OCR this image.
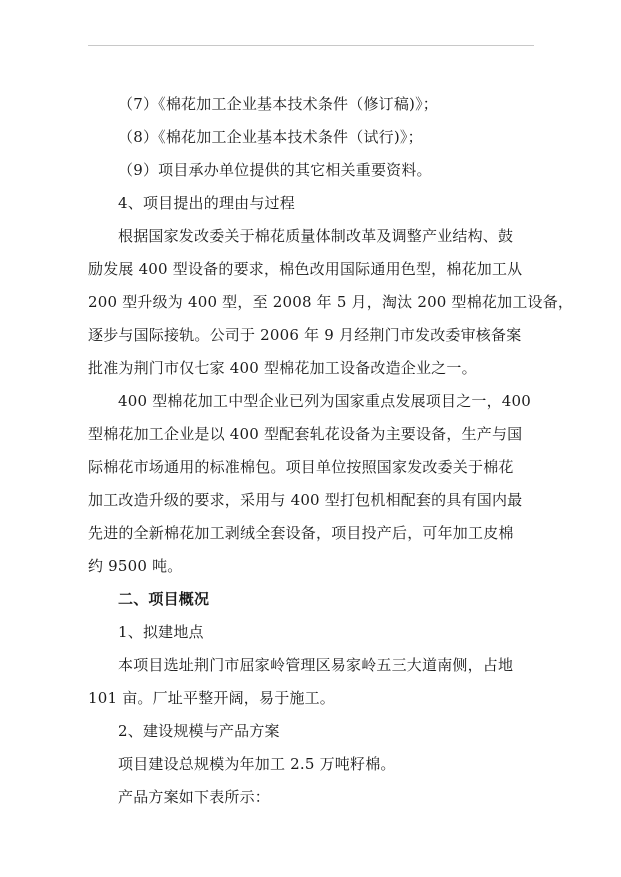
（7）《棉花加工企业基本技术条件（修订稿)》；
（8）《棉花加工企业基本技术条件（试行)》；
（9）项目承办单位提供的其它相关重要资料。
4、项目提出的理由与过程
根据国家发改委关于棉花质量体制改革及调整产业结构、鼓
励发展 400 型设备的要求，棉色改用国际通用色型，棉花加工从
200 型升级为 400 型，至 2008 年 5 月，淘汰 200 型棉花加工设备，
逐步与国际接轨。公司于 2006 年 9 月经荆门市发改委审核备案
批准为荆门市仅七家 400 型棉花加工设备改造企业之一。
400 型棉花加工中型企业已列为国家重点发展项目之一，400
型棉花加工企业是以 400 型配套轧花设备为主要设备，生产与国
际棉花市场通用的标准棉包。项目单位按照国家发改委关于棉花
加工改造升级的要求，采用与 400 型打包机相配套的具有国内最
先进的全新棉花加工剥绒全套设备，项目投产后，可年加工皮棉
约 9500 吨。
二、项目概况
1、拟建地点
本项目选址荆门市屈家岭管理区易家岭五三大道南侧，占地
101 亩。厂址平整开阔，易于施工。
2、建设规模与产品方案
项目建设总规模为年加工 2.5 万吨籽棉。
产品方案如下表所示：
